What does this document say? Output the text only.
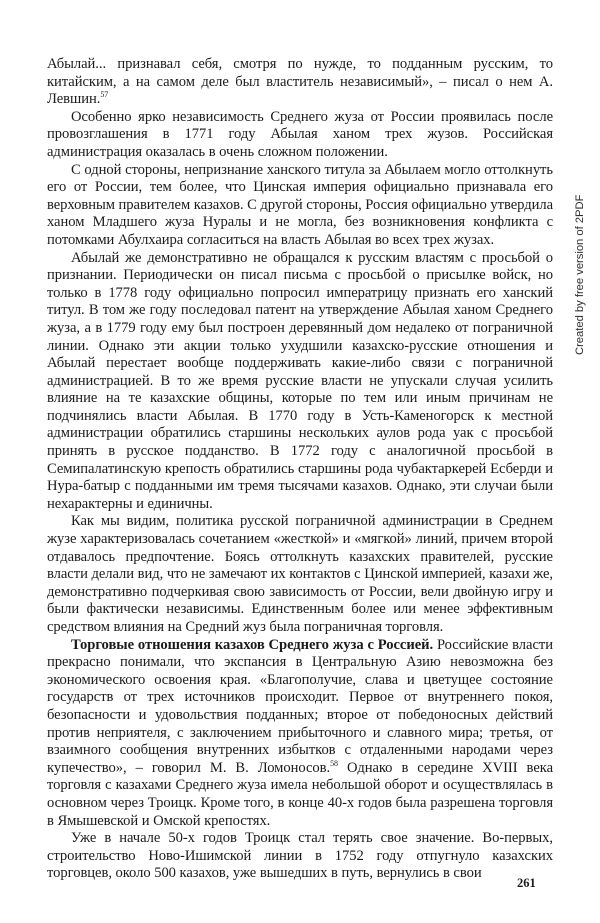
Абылай... признавал себя, смотря по нужде, то подданным русским, то китайским, а на самом деле был властитель независимый», – писал о нем А. Левшин.$^{57}$

Особенно ярко независимость Среднего жуза от России проявилась после провозглашения в 1771 году Абылая ханом трех жузов. Российская администрация оказалась в очень сложном положении.

С одной стороны, непризнание ханского титула за Абылаем могло оттолкнуть его от России, тем более, что Цинская империя официально признавала его верховным правителем казахов. С другой стороны, Россия официально утвердила ханом Младшего жуза Нуралы и не могла, без возникновения конфликта с потомками Абулхаира согласиться на власть Абылая во всех трех жузах.

Абылай же демонстративно не обращался к русским властям с просьбой о признании. Периодически он писал письма с просьбой о присылке войск, но только в 1778 году официально попросил императрицу признать его ханский титул. В том же году последовал патент на утверждение Абылая ханом Среднего жуза, а в 1779 году ему был построен деревянный дом недалеко от пограничной линии. Однако эти акции только ухудшили казахско-русские отношения и Абылай перестает вообще поддерживать какие-либо связи с пограничной администрацией. В то же время русские власти не упускали случая усилить влияние на те казахские общины, которые по тем или иным причинам не подчинялись власти Абылая. В 1770 году в Усть-Каменогорск к местной администрации обратились старшины нескольких аулов рода уак с просьбой принять в русское подданство. В 1772 году с аналогичной просьбой в Семипалатинскую крепость обратились старшины рода чубактаркерей Есберди и Нура-батыр с подданными им тремя тысячами казахов. Однако, эти случаи были нехарактерны и единичны.

Как мы видим, политика русской пограничной администрации в Среднем жузе характеризовалась сочетанием «жесткой» и «мягкой» линий, причем второй отдавалось предпочтение. Боясь оттолкнуть казахских правителей, русские власти делали вид, что не замечают их контактов с Цинской империей, казахи же, демонстративно подчеркивая свою зависимость от России, вели двойную игру и были фактически независимы. Единственным более или менее эффективным средством влияния на Средний жуз была пограничная торговля.

Торговые отношения казахов Среднего жуза с Россией. Российские власти прекрасно понимали, что экспансия в Центральную Азию невозможна без экономического освоения края. «Благополучие, слава и цветущее состояние государств от трех источников происходит. Первое от внутреннего покоя, безопасности и удовольствия подданных; второе от победоносных действий против неприятеля, с заключением прибыточного и славного мира; третья, от взаимного сообщения внутренних избытков с отдаленными народами через купечество», – говорил М. В. Ломоносов.$^{58}$ Однако в середине XVIII века торговля с казахами Среднего жуза имела небольшой оборот и осуществлялась в основном через Троицк. Кроме того, в конце 40-х годов была разрешена торговля в Ямышевской и Омской крепостях.

Уже в начале 50-х годов Троицк стал терять свое значение. Во-первых, строительство Ново-Ишимской линии в 1752 году отпугнуло казахских торговцев, около 500 казахов, уже вышедших в путь, вернулись в свои

Created by free version of 2PDF
261
